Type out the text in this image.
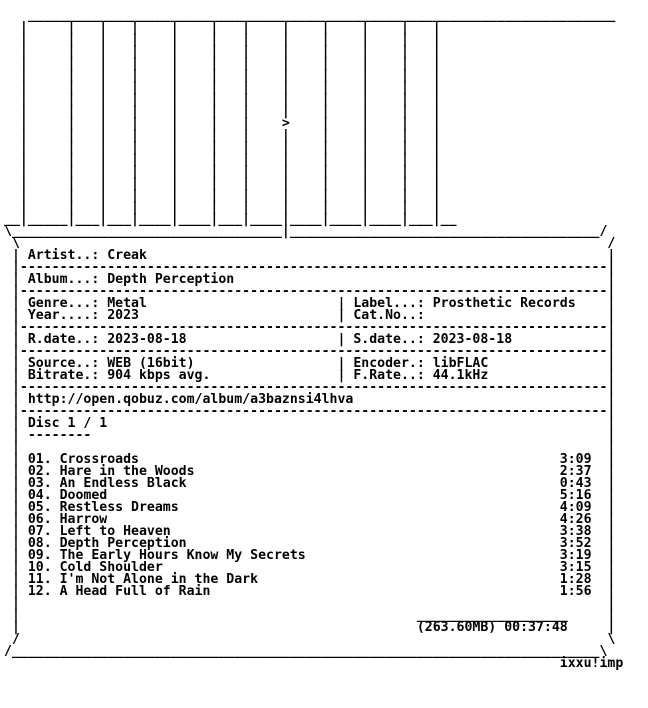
__________________________________________________________________________
|     |   |   |    |    |   |    |    |    |    |   |
|     |   |   |    |    |   |    |    |    |    |   |
|     |   |   |    |    |   |    |    |    |    |   |
|     |   |   |    |    |   |    |    |    |    |   |
|     |   |   |    |    |   |    |    |    |    |   |
|     |   |   |    |    |   |    |    |    |    |   |
|     |   |   |    |    |   |    |    |    |    |   |
|     |   |   |    |    |   |    |    |    |    |   |
|     |   |   |    |    |   |    >    |    |    |   |
|     |   |   |    |    |   |    |    |    |    |   |
|     |   |   |    |    |   |    |    |    |    |   |
|     |   |   |    |    |   |    |    |    |    |   |
|     |   |   |    |    |   |    |    |    |    |   |
|     |   |   |    |    |   |    |    |    |    |   |
|     |   |   |    |    |   |    |    |    |    |   |
|     |   |   |    |    |   |    |    |    |    |   |
__|_____|___|___|____|____|___|____|____|____|____|___|__
\__________________________________|_______________________________________/
\                                                                          /
| Artist..: Creak                                                          |
|--------------------------------------------------------------------------|
| Album...: Depth Perception                                               |
|--------------------------------------------------------------------------|
| Genre...: Metal                        | Label...: Prosthetic Records    |
| Year....: 2023                         | Cat.No..:                       |
|--------------------------------------------------------------------------|
| R.date..: 2023-08-18                   | S.date..: 2023-08-18            |
|--------------------------------------------------------------------------|
| Source..: WEB (16bit)                  | Encoder.: libFLAC               |
| Bitrate.: 904 kbps avg.                | F.Rate..: 44.1kHz               |
|--------------------------------------------------------------------------|
| http://open.qobuz.com/album/a3baznsi4lhva                                |
|--------------------------------------------------------------------------|
| Disc 1 / 1                                                               |
| --------                                                                 |
|                                                                          |
| 01. Crossroads                                                     3:09  |
| 02. Hare in the Woods                                              2:37  |
| 03. An Endless Black                                               0:43  |
| 04. Doomed                                                         5:16  |
| 05. Restless Dreams                                                4:09  |
| 06. Harrow                                                         4:26  |
| 07. Left to Heaven                                                 3:38  |
| 08. Depth Perception                                               3:52  |
| 09. The Early Hours Know My Secrets                                3:19  |
| 10. Cold Shoulder                                                  3:15  |
| 11. I'm Not Alone in the Dark                                      1:28  |
| 12. A Head Full of Rain                                            1:56  |
|                                                                          |
|                                                  ___________________     |
|                                                  (263.60MB) 00:37:48     |
/                                                                          \
/__________________________________________________________________________\
ixxu!imp
